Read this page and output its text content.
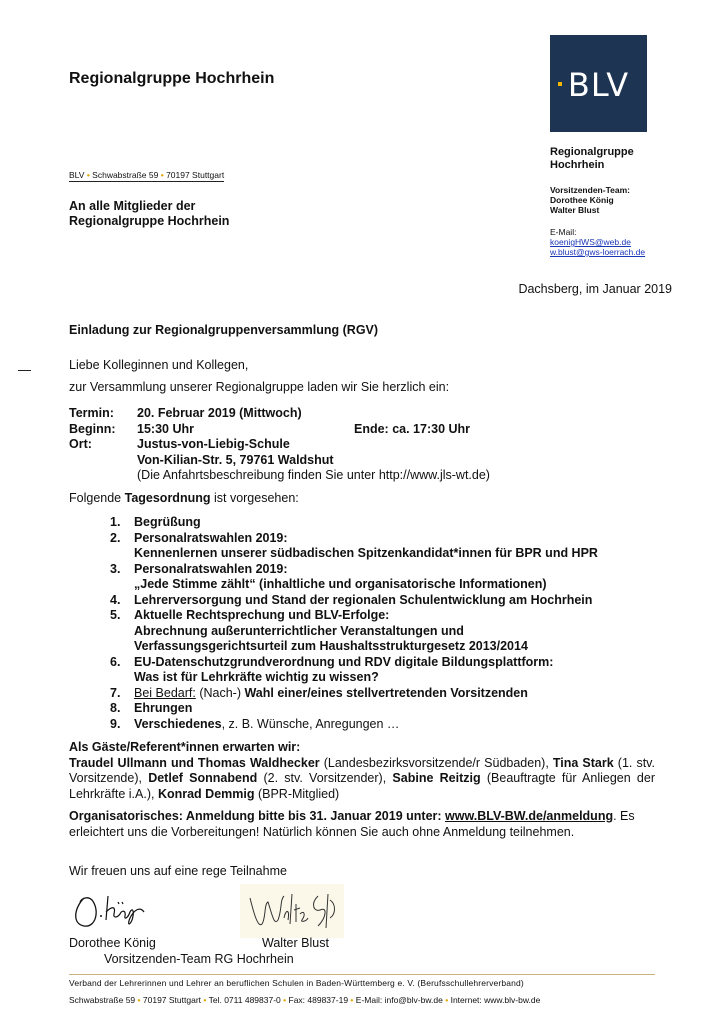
Regionalgruppe Hochrhein	BLV
BLV • Schwabstraße 59 • 70197 Stuttgart
An alle Mitglieder der
Regionalgruppe Hochrhein
Regionalgruppe
Hochrhein
Vorsitzenden-Team:
Dorothee König
Walter Blust
E-Mail:
koenigHWS@web.de
w.blust@gws-loerrach.de
Dachsberg, im Januar 2019
Einladung zur Regionalgruppenversammlung (RGV)
Liebe Kolleginnen und Kollegen,
zur Versammlung unserer Regionalgruppe laden wir Sie herzlich ein:
Termin: 20. Februar 2019 (Mittwoch)
Beginn: 15:30 Uhr	Ende: ca. 17:30 Uhr
Ort:	Justus-von-Liebig-Schule
Von-Kilian-Str. 5, 79761 Waldshut
(Die Anfahrtsbeschreibung finden Sie unter http://www.jls-wt.de)
Folgende Tagesordnung ist vorgesehen:
1. Begrüßung
2. Personalratswahlen 2019:
Kennenlernen unserer südbadischen Spitzenkandidat*innen für BPR und HPR
3. Personalratswahlen 2019:
„Jede Stimme zählt“ (inhaltliche und organisatorische Informationen)
4. Lehrerversorgung und Stand der regionalen Schulentwicklung am Hochrhein
5. Aktuelle Rechtsprechung und BLV-Erfolge:
Abrechnung außerunterrichtlicher Veranstaltungen und
Verfassungsgerichtsurteil zum Haushaltsstrukturgesetz 2013/2014
6. EU-Datenschutzgrundverordnung und RDV digitale Bildungsplattform:
Was ist für Lehrkräfte wichtig zu wissen?
7. Bei Bedarf: (Nach-) Wahl einer/eines stellvertretenden Vorsitzenden
8. Ehrungen
9. Verschiedenes, z. B. Wünsche, Anregungen …
Als Gäste/Referent*innen erwarten wir:
Traudel Ullmann und Thomas Waldhecker (Landesbezirksvorsitzende/r Südbaden), Tina Stark (1. stv. Vorsitzende), Detlef Sonnabend (2. stv. Vorsitzender), Sabine Reitzig (Beauftragte für Anliegen der Lehrkräfte i.A.), Konrad Demmig (BPR-Mitglied)
Organisatorisches: Anmeldung bitte bis 31. Januar 2019 unter: www.BLV-BW.de/anmeldung. Es erleichtert uns die Vorbereitungen! Natürlich können Sie auch ohne Anmeldung teilnehmen.
Wir freuen uns auf eine rege Teilnahme
Dorothee König	Walter Blust
Vorsitzenden-Team RG Hochrhein
Verband der Lehrerinnen und Lehrer an beruflichen Schulen in Baden-Württemberg e. V. (Berufsschullehrerverband)
Schwabstraße 59 • 70197 Stuttgart • Tel. 0711 489837-0 • Fax: 489837-19 • E-Mail: info@blv-bw.de • Internet: www.blv-bw.de
